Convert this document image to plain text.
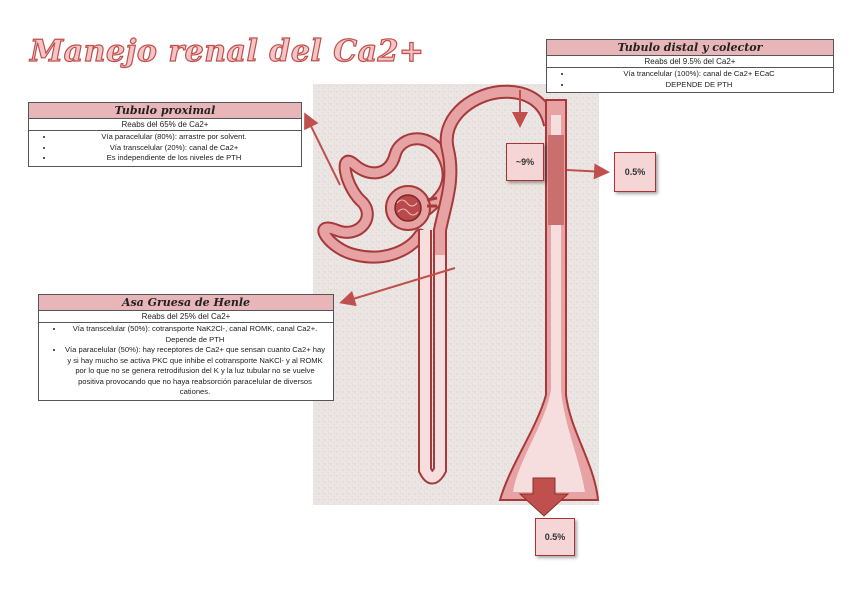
Manejo renal del Ca2+
Tubulo proximal
Reabs del 65% de Ca2+

• Vía paracelular (80%): arrastre por solvent.
• Vía transcelular (20%): canal de Ca2+
• Es independiente de los niveles de PTH
Asa Gruesa de Henle
Reabs del 25% del Ca2+

• Vía transcelular (50%): cotransporte NaK2Cl-, canal ROMK, canal Ca2+. Depende de PTH
• Vía paracelular (50%): hay receptores de Ca2+ que sensan cuanto Ca2+ hay y si hay mucho se activa PKC que inhibe el cotransporte NaKCl- y al ROMK por lo que no se genera retrodifusion del K y la luz tubular no se vuelve positiva provocando que no haya reabsorción paracelular de diversos cationes.
Tubulo distal y colector
Reabs del 9.5% del Ca2+

• Vía trancelular (100%): canal de Ca2+ ECaC
• DEPENDE DE PTH
~9%
0.5%
0.5%
